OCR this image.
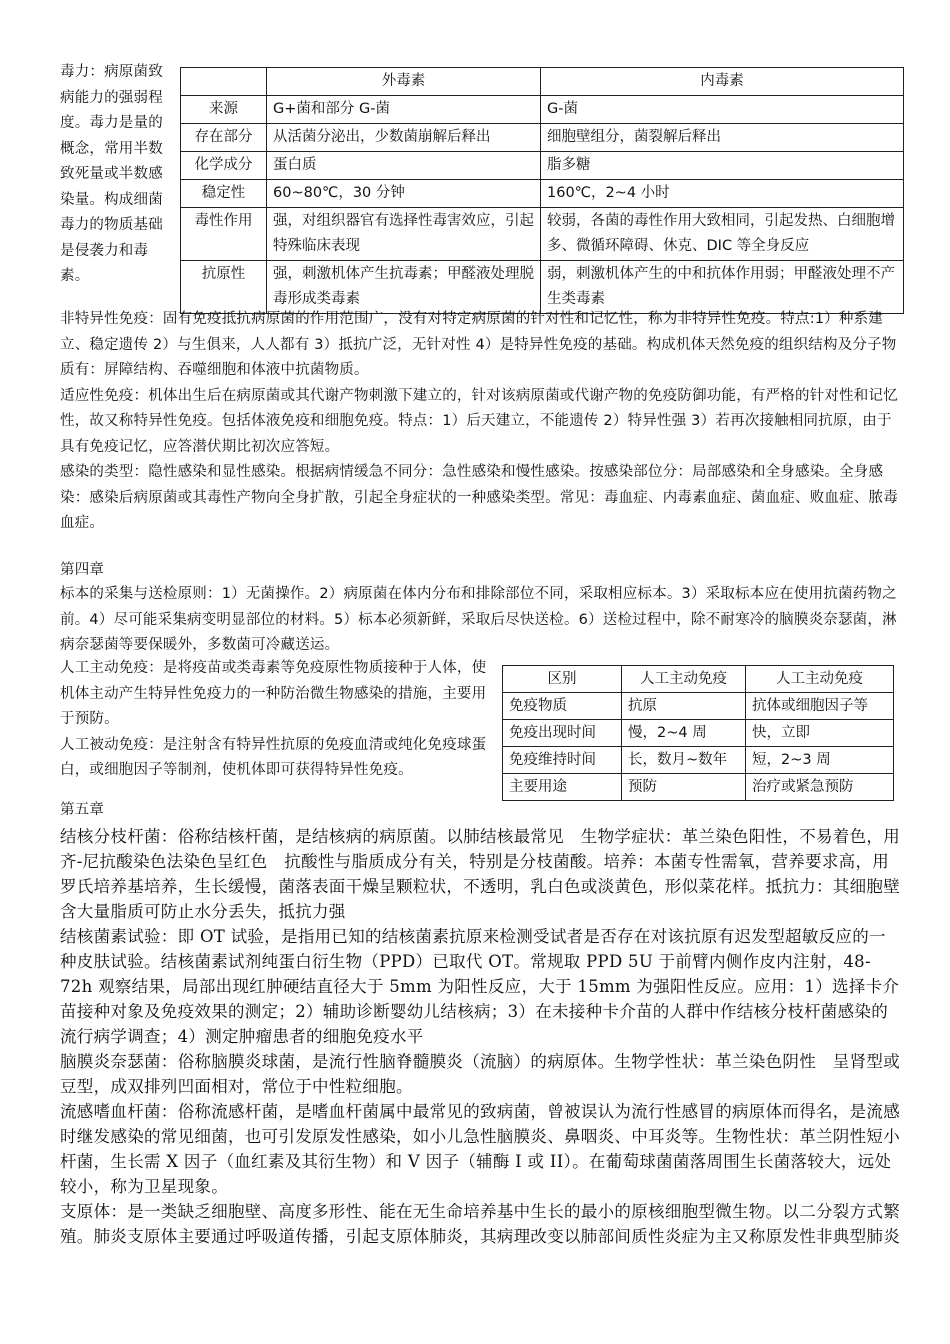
毒力：病原菌致病能力的强弱程度。毒力是量的概念，常用半数致死量或半数感染量。构成细菌毒力的物质基础是侵袭力和毒素。

	外毒素	内毒素
来源	G+菌和部分 G-菌	G-菌
存在部分	从活菌分泌出，少数菌崩解后释出	细胞壁组分，菌裂解后释出
化学成分	蛋白质	脂多糖
稳定性	60~80℃，30 分钟	160℃，2~4 小时
毒性作用	强，对组织器官有选择性毒害效应，引起特殊临床表现	较弱，各菌的毒性作用大致相同，引起发热、白细胞增多、微循环障碍、休克、DIC 等全身反应
抗原性	强，刺激机体产生抗毒素；甲醛液处理脱毒形成类毒素	弱，刺激机体产生的中和抗体作用弱；甲醛液处理不产生类毒素

非特异性免疫：固有免疫抵抗病原菌的作用范围广，没有对特定病原菌的针对性和记忆性，称为非特异性免疫。特点:1）种系建立、稳定遗传 2）与生俱来，人人都有 3）抵抗广泛，无针对性 4）是特异性免疫的基础。构成机体天然免疫的组织结构及分子物质有：屏障结构、吞噬细胞和体液中抗菌物质。

适应性免疫：机体出生后在病原菌或其代谢产物刺激下建立的，针对该病原菌或代谢产物的免疫防御功能，有严格的针对性和记忆性，故又称特异性免疫。包括体液免疫和细胞免疫。特点：1）后天建立，不能遗传 2）特异性强 3）若再次接触相同抗原，由于具有免疫记忆，应答潜伏期比初次应答短。

感染的类型：隐性感染和显性感染。根据病情缓急不同分：急性感染和慢性感染。按感染部位分：局部感染和全身感染。全身感染：感染后病原菌或其毒性产物向全身扩散，引起全身症状的一种感染类型。常见：毒血症、内毒素血症、菌血症、败血症、脓毒血症。

第四章

标本的采集与送检原则：1）无菌操作。2）病原菌在体内分布和排除部位不同，采取相应标本。3）采取标本应在使用抗菌药物之前。4）尽可能采集病变明显部位的材料。5）标本必须新鲜，采取后尽快送检。6）送检过程中，除不耐寒冷的脑膜炎奈瑟菌，淋病奈瑟菌等要保暖外，多数菌可冷藏送运。

人工主动免疫：是将疫苗或类毒素等免疫原性物质接种于人体，使机体主动产生特异性免疫力的一种防治微生物感染的措施，主要用于预防。

人工被动免疫：是注射含有特异性抗原的免疫血清或纯化免疫球蛋白，或细胞因子等制剂，使机体即可获得特异性免疫。

区别	人工主动免疫	人工主动免疫
免疫物质	抗原	抗体或细胞因子等
免疫出现时间	慢，2~4 周	快，立即
免疫维持时间	长，数月~数年	短，2~3 周
主要用途	预防	治疗或紧急预防

第五章

结核分枝杆菌：俗称结核杆菌，是结核病的病原菌。以肺结核最常见　生物学症状：革兰染色阳性，不易着色，用齐-尼抗酸染色法染色呈红色　抗酸性与脂质成分有关，特别是分枝菌酸。培养：本菌专性需氧，营养要求高，用罗氏培养基培养，生长缓慢，菌落表面干燥呈颗粒状，不透明，乳白色或淡黄色，形似菜花样。抵抗力：其细胞壁含大量脂质可防止水分丢失，抵抗力强

结核菌素试验：即 OT 试验，是指用已知的结核菌素抗原来检测受试者是否存在对该抗原有迟发型超敏反应的一种皮肤试验。结核菌素试剂纯蛋白衍生物（PPD）已取代 OT。常规取 PPD 5U 于前臂内侧作皮内注射，48-72h 观察结果，局部出现红肿硬结直径大于 5mm 为阳性反应，大于 15mm 为强阳性反应。应用：1）选择卡介苗接种对象及免疫效果的测定；2）辅助诊断婴幼儿结核病；3）在未接种卡介苗的人群中作结核分枝杆菌感染的流行病学调查；4）测定肿瘤患者的细胞免疫水平

脑膜炎奈瑟菌：俗称脑膜炎球菌，是流行性脑脊髓膜炎（流脑）的病原体。生物学性状：革兰染色阴性　呈肾型或豆型，成双排列凹面相对，常位于中性粒细胞。

流感嗜血杆菌：俗称流感杆菌，是嗜血杆菌属中最常见的致病菌，曾被误认为流行性感冒的病原体而得名，是流感时继发感染的常见细菌，也可引发原发性感染，如小儿急性脑膜炎、鼻咽炎、中耳炎等。生物性状：革兰阴性短小杆菌，生长需 X 因子（血红素及其衍生物）和 V 因子（辅酶 I 或 II）。在葡萄球菌菌落周围生长菌落较大，远处较小，称为卫星现象。

支原体：是一类缺乏细胞壁、高度多形性、能在无生命培养基中生长的最小的原核细胞型微生物。以二分裂方式繁殖。肺炎支原体主要通过呼吸道传播，引起支原体肺炎，其病理改变以肺部间质性炎症为主又称原发性非典型肺炎
